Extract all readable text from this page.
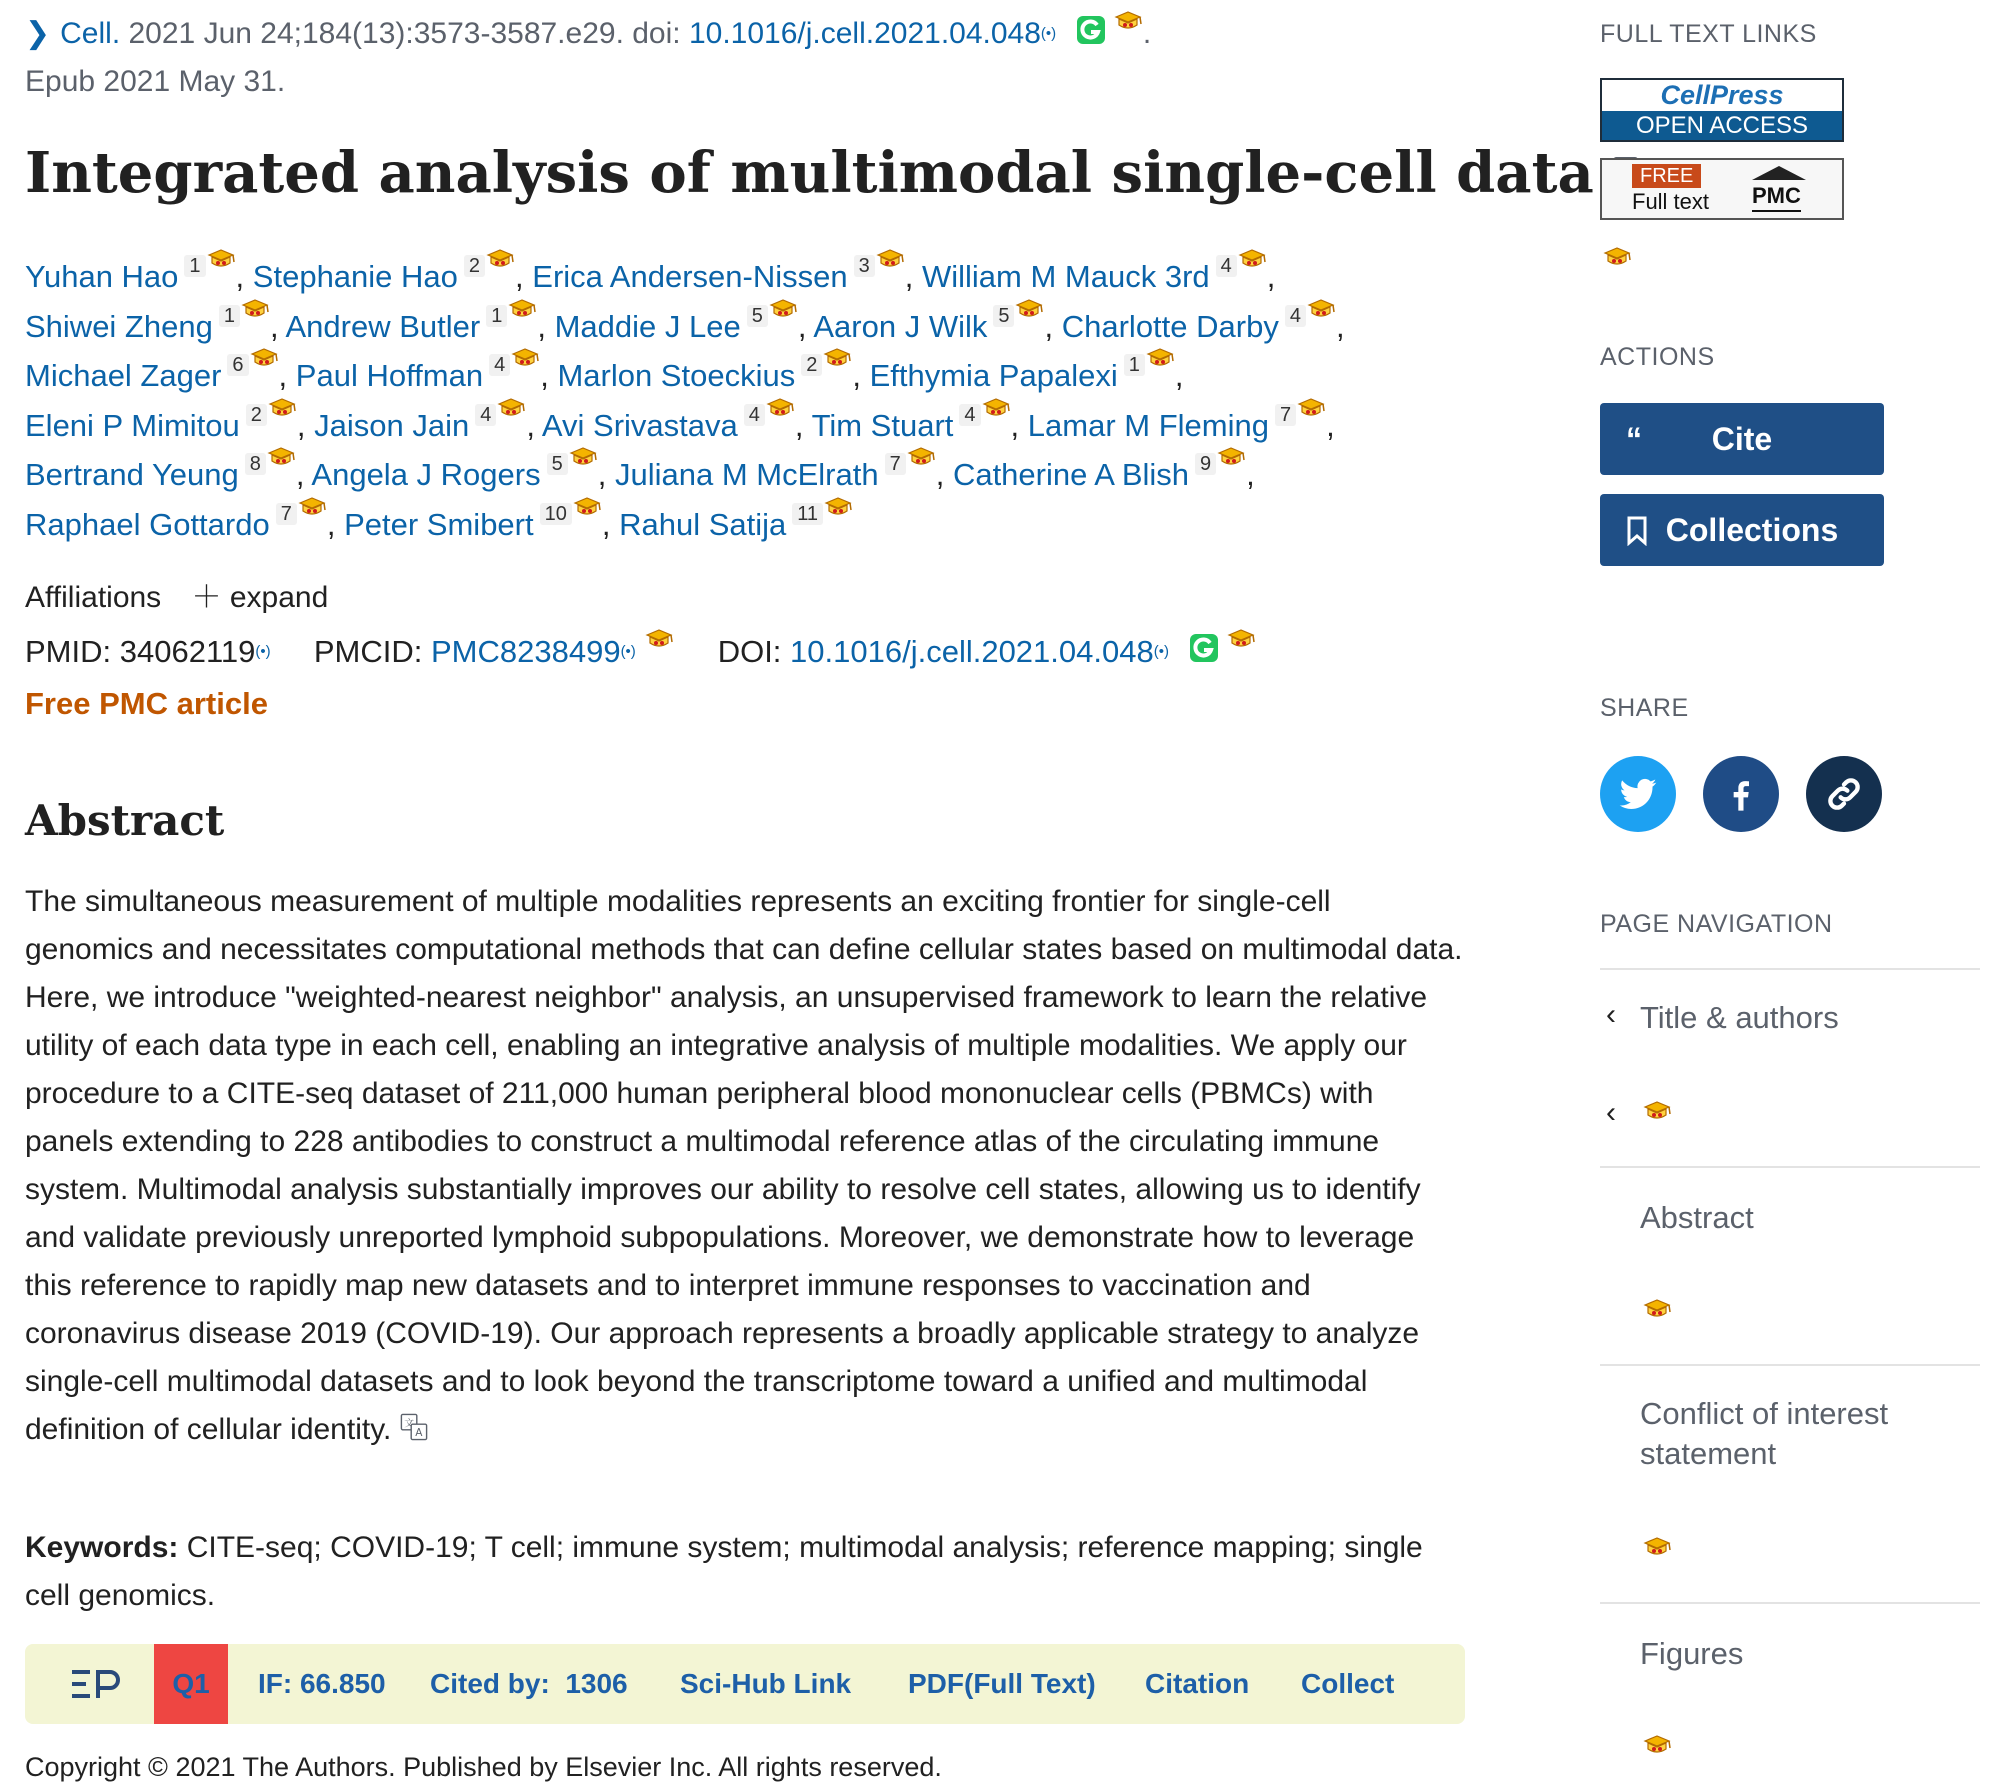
❯ Cell. 2021 Jun 24;184(13):3573-3587.e29. doi: 10.1016/j.cell.2021.04.048(•)	.
Epub 2021 May 31.
Integrated analysis of multimodal single-cell data
Yuhan Hao 1 , Stephanie Hao 2 , Erica Andersen-Nissen 3 , William M Mauck 3rd 4 , Shiwei Zheng 1 , Andrew Butler 1 , Maddie J Lee 5 , Aaron J Wilk 5 , Charlotte Darby 4 , Michael Zager 6 , Paul Hoffman 4 , Marlon Stoeckius 2 , Efthymia Papalexi 1 , Eleni P Mimitou 2 , Jaison Jain 4 , Avi Srivastava 4 , Tim Stuart 4 , Lamar M Fleming 7 , Bertrand Yeung 8 , Angela J Rogers 5 , Juliana M McElrath 7 , Catherine A Blish 9 , Raphael Gottardo 7 , Peter Smibert 10 , Rahul Satija 11
Affiliations ＋ expand
PMID: 34062119(•) PMCID: PMC8238499(•)	DOI: 10.1016/j.cell.2021.04.048(•)
Free PMC article
Abstract

The simultaneous measurement of multiple modalities represents an exciting frontier for single-cell genomics and necessitates computational methods that can define cellular states based on multimodal data. Here, we introduce "weighted-nearest neighbor" analysis, an unsupervised framework to learn the relative utility of each data type in each cell, enabling an integrative analysis of multiple modalities. We apply our procedure to a CITE-seq dataset of 211,000 human peripheral blood mononuclear cells (PBMCs) with panels extending to 228 antibodies to construct a multimodal reference atlas of the circulating immune system. Multimodal analysis substantially improves our ability to resolve cell states, allowing us to identify and validate previously unreported lymphoid subpopulations. Moreover, we demonstrate how to leverage this reference to rapidly map new datasets and to interpret immune responses to vaccination and coronavirus disease 2019 (COVID-19). Our approach represents a broadly applicable strategy to analyze single-cell multimodal datasets and to look beyond the transcriptome toward a unified and multimodal definition of cellular identity.

Keywords: CITE-seq; COVID-19; T cell; immune system; multimodal analysis; reference mapping; single cell genomics.

Q1	IF: 66.850 Cited by: 1306 Sci-Hub Link PDF(Full Text) Citation Collect
Copyright © 2021 The Authors. Published by Elsevier Inc. All rights reserved.
FULL TEXT LINKS
CellPress
OPEN ACCESS
FREE
Full text PMC
ACTIONS
“	Cite
Collections
SHARE
PAGE NAVIGATION
‹ Title & authors
‹
Abstract
Conflict of interest statement
Figures
